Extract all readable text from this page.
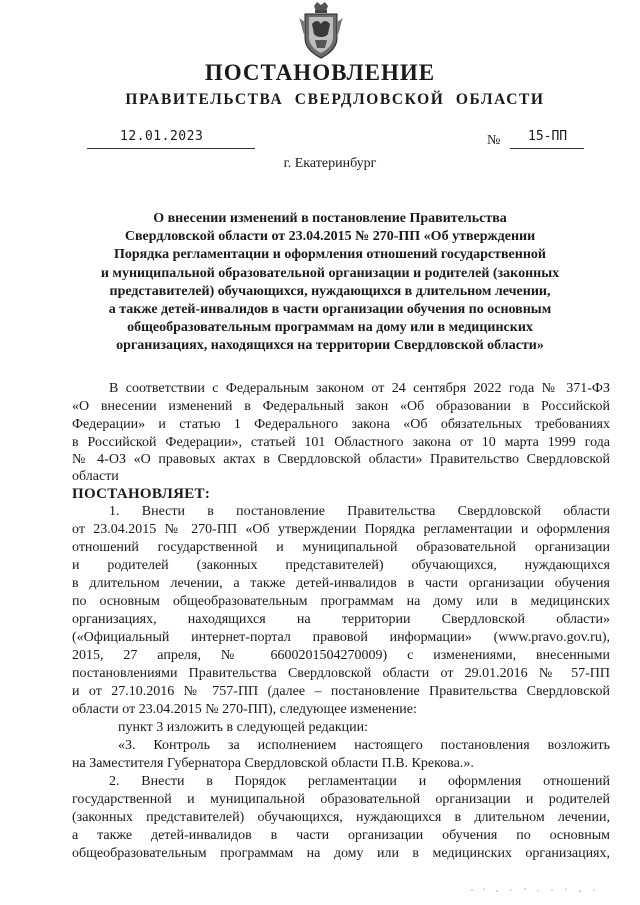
ПОСТАНОВЛЕНИЕ
ПРАВИТЕЛЬСТВА СВЕРДЛОВСКОЙ ОБЛАСТИ
12.01.2023	№ 15-ПП
г. Екатеринбург
О внесении изменений в постановление Правительства
Свердловской области от 23.04.2015 № 270-ПП «Об утверждении
Порядка регламентации и оформления отношений государственной
и муниципальной образовательной организации и родителей (законных
представителей) обучающихся, нуждающихся в длительном лечении,
а также детей-инвалидов в части организации обучения по основным
общеобразовательным программам на дому или в медицинских
организациях, находящихся на территории Свердловской области»
В соответствии с Федеральным законом от 24 сентября 2022 года № 371-ФЗ
«О внесении изменений в Федеральный закон «Об образовании в Российской
Федерации» и статью 1 Федерального закона «Об обязательных требованиях
в Российской Федерации», статьей 101 Областного закона от 10 марта 1999 года
№ 4-ОЗ «О правовых актах в Свердловской области» Правительство Свердловской
области
ПОСТАНОВЛЯЕТ:
1. Внести в постановление Правительства Свердловской области
от 23.04.2015 № 270-ПП «Об утверждении Порядка регламентации и оформления
отношений государственной и муниципальной образовательной организации
и родителей (законных представителей) обучающихся, нуждающихся
в длительном лечении, а также детей-инвалидов в части организации обучения
по основным общеобразовательным программам на дому или в медицинских
организациях, находящихся на территории Свердловской области»
(«Официальный интернет-портал правовой информации» (www.pravo.gov.ru),
2015, 27 апреля, № 6600201504270009) с изменениями, внесенными
постановлениями Правительства Свердловской области от 29.01.2016 № 57-ПП
и от 27.10.2016 № 757-ПП (далее – постановление Правительства Свердловской
области от 23.04.2015 № 270-ПП), следующее изменение:
пункт 3 изложить в следующей редакции:
«3. Контроль за исполнением настоящего постановления возложить
на Заместителя Губернатора Свердловской области П.В. Крекова.».
2. Внести в Порядок регламентации и оформления отношений
государственной и муниципальной образовательной организации и родителей
(законных представителей) обучающихся, нуждающихся в длительном лечении,
а также детей-инвалидов в части организации обучения по основным
общеобразовательным программам на дому или в медицинских организациях,
